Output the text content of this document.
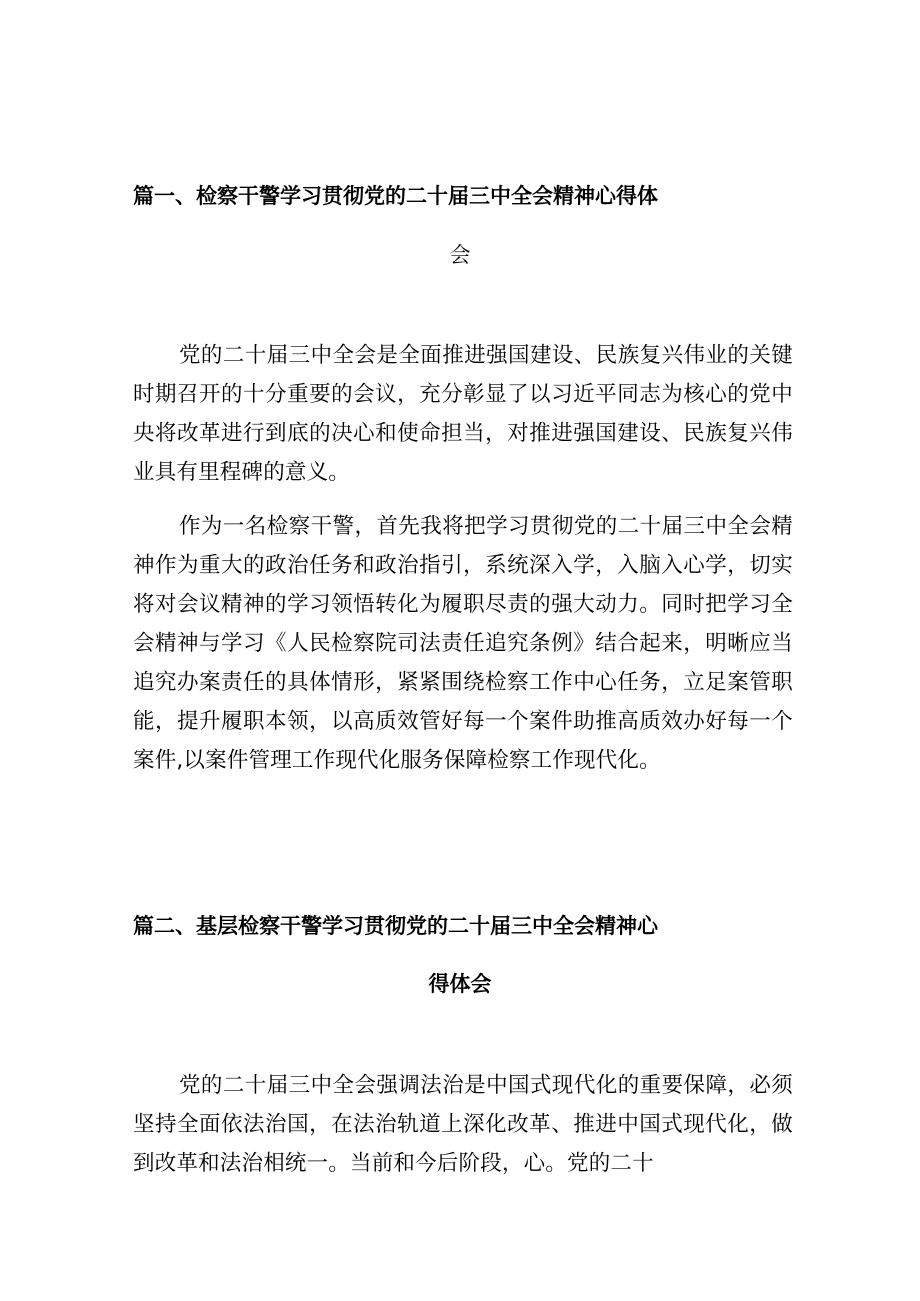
篇一、检察干警学习贯彻党的二十届三中全会精神心得体
会

党的二十届三中全会是全面推进强国建设、民族复兴伟业的关键时期召开的十分重要的会议，充分彰显了以习近平同志为核心的党中央将改革进行到底的决心和使命担当，对推进强国建设、民族复兴伟业具有里程碑的意义。

作为一名检察干警，首先我将把学习贯彻党的二十届三中全会精神作为重大的政治任务和政治指引，系统深入学，入脑入心学，切实将对会议精神的学习领悟转化为履职尽责的强大动力。同时把学习全会精神与学习《人民检察院司法责任追究条例》结合起来，明晰应当追究办案责任的具体情形，紧紧围绕检察工作中心任务，立足案管职能，提升履职本领，以高质效管好每一个案件助推高质效办好每一个案件,以案件管理工作现代化服务保障检察工作现代化。

篇二、基层检察干警学习贯彻党的二十届三中全会精神心
得体会

党的二十届三中全会强调法治是中国式现代化的重要保障，必须坚持全面依法治国，在法治轨道上深化改革、推进中国式现代化，做到改革和法治相统一。当前和今后阶段，心。党的二十
